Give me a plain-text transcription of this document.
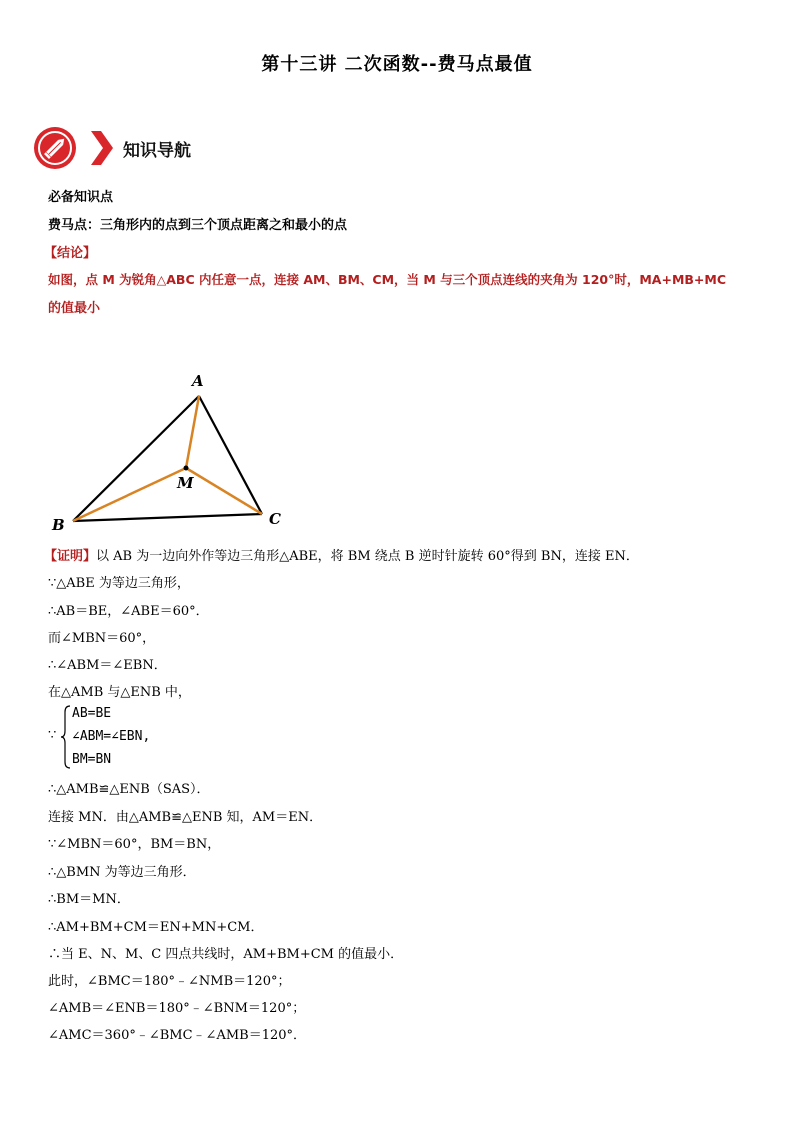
第十三讲 二次函数--费马点最值
知识导航
必备知识点
费马点：三角形内的点到三个顶点距离之和最小的点
【结论】
如图，点 M 为锐角△ABC 内任意一点，连接 AM、BM、CM，当 M 与三个顶点连线的夹角为 120°时，MA+MB+MC
的值最小
A
B	C
M
【证明】以 AB 为一边向外作等边三角形△ABE，将 BM 绕点 B 逆时针旋转 60°得到 BN，连接 EN．
∵△ABE 为等边三角形，
∴AB＝BE，∠ABE＝60°．
而∠MBN＝60°，
∴∠ABM＝∠EBN．
在△AMB 与△ENB 中，
∵
AB=BE
∠ABM=∠EBN,
BM=BN
∴△AMB≌△ENB（SAS）．
连接 MN．由△AMB≌△ENB 知，AM＝EN．
∵∠MBN＝60°，BM＝BN，
∴△BMN 为等边三角形．
∴BM＝MN．
∴AM+BM+CM＝EN+MN+CM．
∴当 E、N、M、C 四点共线时，AM+BM+CM 的值最小．
此时，∠BMC＝180°﹣∠NMB＝120°；
∠AMB＝∠ENB＝180°﹣∠BNM＝120°；
∠AMC＝360°﹣∠BMC﹣∠AMB＝120°．
